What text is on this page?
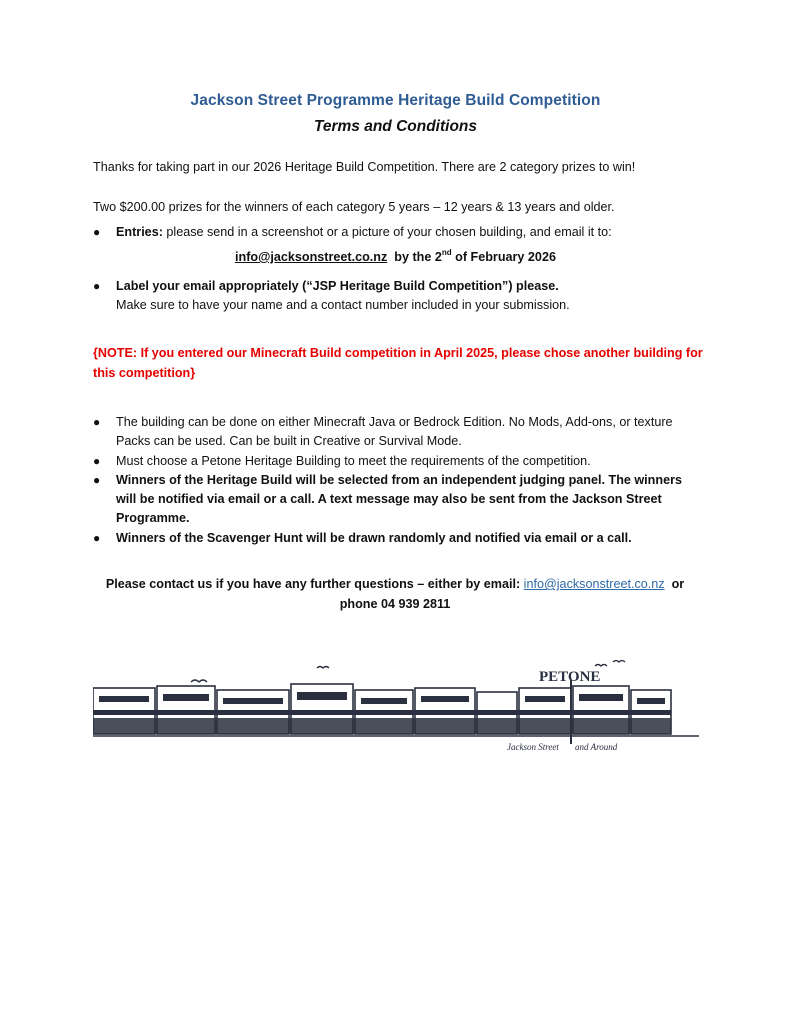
Jackson Street Programme Heritage Build Competition
Terms and Conditions
Thanks for taking part in our 2026 Heritage Build Competition. There are 2 category prizes to win!
Two $200.00 prizes for the winners of each category 5 years – 12 years & 13 years and older.
●	Entries: please send in a screenshot or a picture of your chosen building, and email it to:
info@jacksonstreet.co.nz by the 2nd of February 2026
●	Label your email appropriately (“JSP Heritage Build Competition”) please.
Make sure to have your name and a contact number included in your submission.
{NOTE: If you entered our Minecraft Build competition in April 2025, please chose another building for this competition}
●	The building can be done on either Minecraft Java or Bedrock Edition. No Mods, Add-ons, or texture Packs can be used. Can be built in Creative or Survival Mode.
●	Must choose a Petone Heritage Building to meet the requirements of the competition.
●	Winners of the Heritage Build will be selected from an independent judging panel. The winners will be notified via email or a call. A text message may also be sent from the Jackson Street Programme.
●	Winners of the Scavenger Hunt will be drawn randomly and notified via email or a call.
Please contact us if you have any further questions – either by email: info@jacksonstreet.co.nz or
phone 04 939 2811
PETONE
Jackson Street and Around
